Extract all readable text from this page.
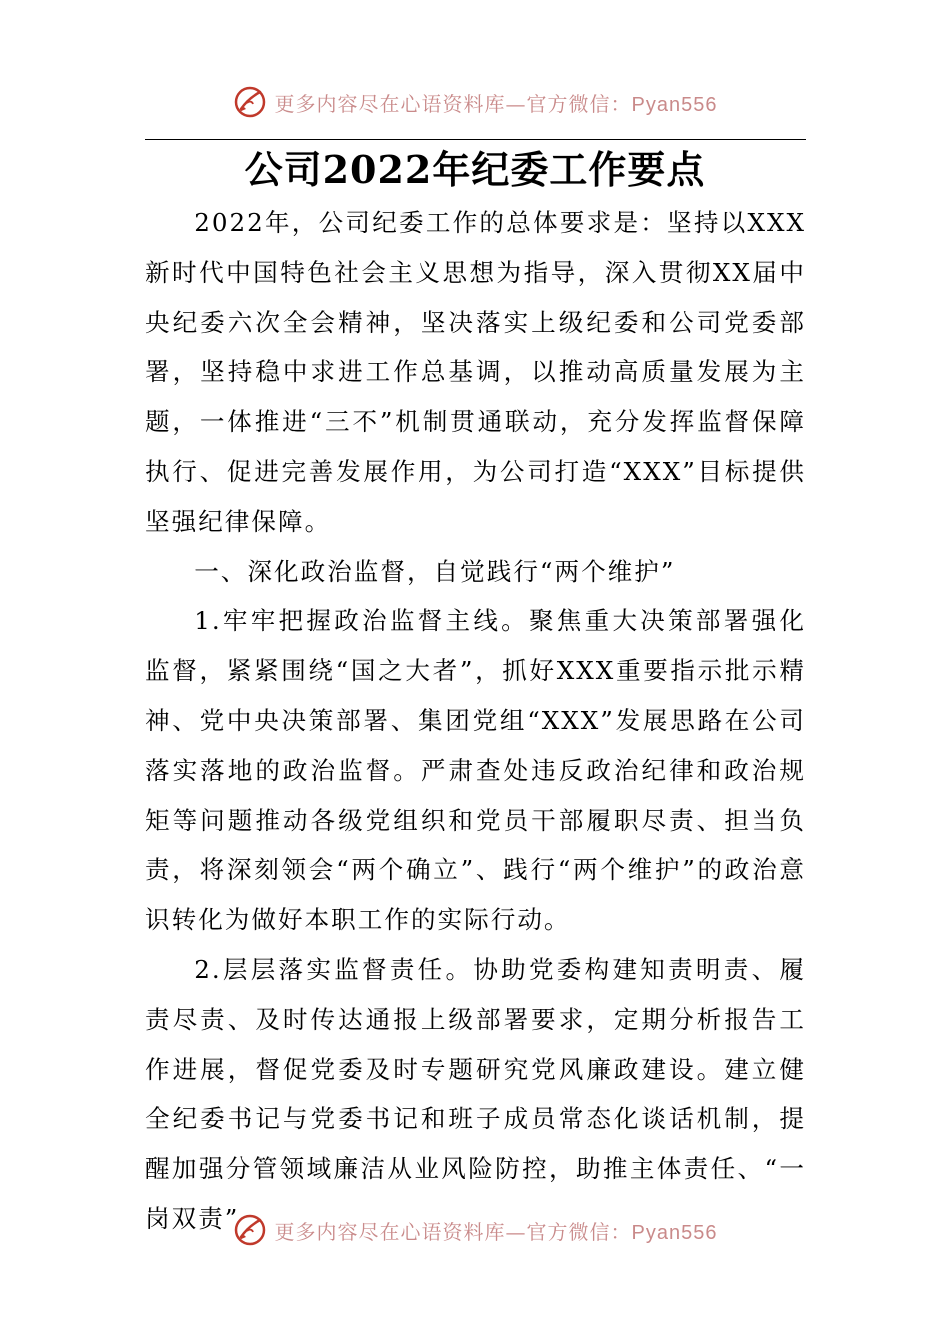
更多内容尽在心语资料库—官方微信：Pyan556
公司2022年纪委工作要点

2022年，公司纪委工作的总体要求是：坚持以XXX新时代中国特色社会主义思想为指导，深入贯彻XX届中央纪委六次全会精神，坚决落实上级纪委和公司党委部署，坚持稳中求进工作总基调，以推动高质量发展为主题，一体推进“三不”机制贯通联动，充分发挥监督保障执行、促进完善发展作用，为公司打造“XXX”目标提供坚强纪律保障。

一、深化政治监督，自觉践行“两个维护”

1.牢牢把握政治监督主线。聚焦重大决策部署强化监督，紧紧围绕“国之大者”，抓好XXX重要指示批示精神、党中央决策部署、集团党组“XXX”发展思路在公司落实落地的政治监督。严肃查处违反政治纪律和政治规矩等问题推动各级党组织和党员干部履职尽责、担当负责，将深刻领会“两个确立”、践行“两个维护”的政治意识转化为做好本职工作的实际行动。

2.层层落实监督责任。协助党委构建知责明责、履责尽责、及时传达通报上级部署要求，定期分析报告工作进展，督促党委及时专题研究党风廉政建设。建立健全纪委书记与党委书记和班子成员常态化谈话机制，提醒加强分管领域廉洁从业风险防控，助推主体责任、“一岗双责”	更多内容尽在心语资料库—官方微信：Pyan556
